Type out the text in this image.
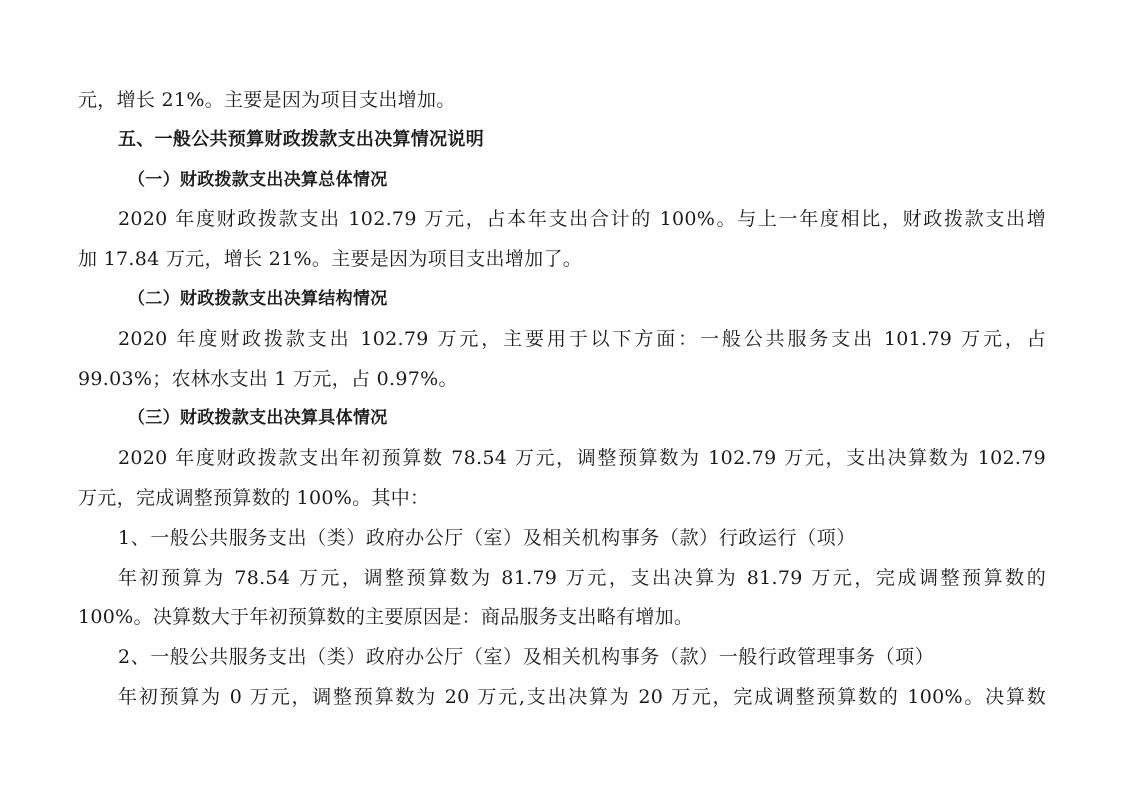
元，增长 21%。主要是因为项目支出增加。
五、一般公共预算财政拨款支出决算情况说明
（一）财政拨款支出决算总体情况
2020 年度财政拨款支出 102.79 万元，占本年支出合计的 100%。与上一年度相比，财政拨款支出增
加 17.84 万元，增长 21%。主要是因为项目支出增加了。
（二）财政拨款支出决算结构情况
2020 年度财政拨款支出 102.79 万元，主要用于以下方面：一般公共服务支出 101.79 万元，占
99.03%；农林水支出 1 万元，占 0.97%。
（三）财政拨款支出决算具体情况
2020 年度财政拨款支出年初预算数 78.54 万元，调整预算数为 102.79 万元，支出决算数为 102.79
万元，完成调整预算数的 100%。其中：
1、一般公共服务支出（类）政府办公厅（室）及相关机构事务（款）行政运行（项）
年初预算为 78.54 万元，调整预算数为 81.79 万元，支出决算为 81.79 万元，完成调整预算数的
100%。决算数大于年初预算数的主要原因是：商品服务支出略有增加。
2、一般公共服务支出（类）政府办公厅（室）及相关机构事务（款）一般行政管理事务（项）
年初预算为 0 万元，调整预算数为 20 万元,支出决算为 20 万元，完成调整预算数的 100%。决算数
